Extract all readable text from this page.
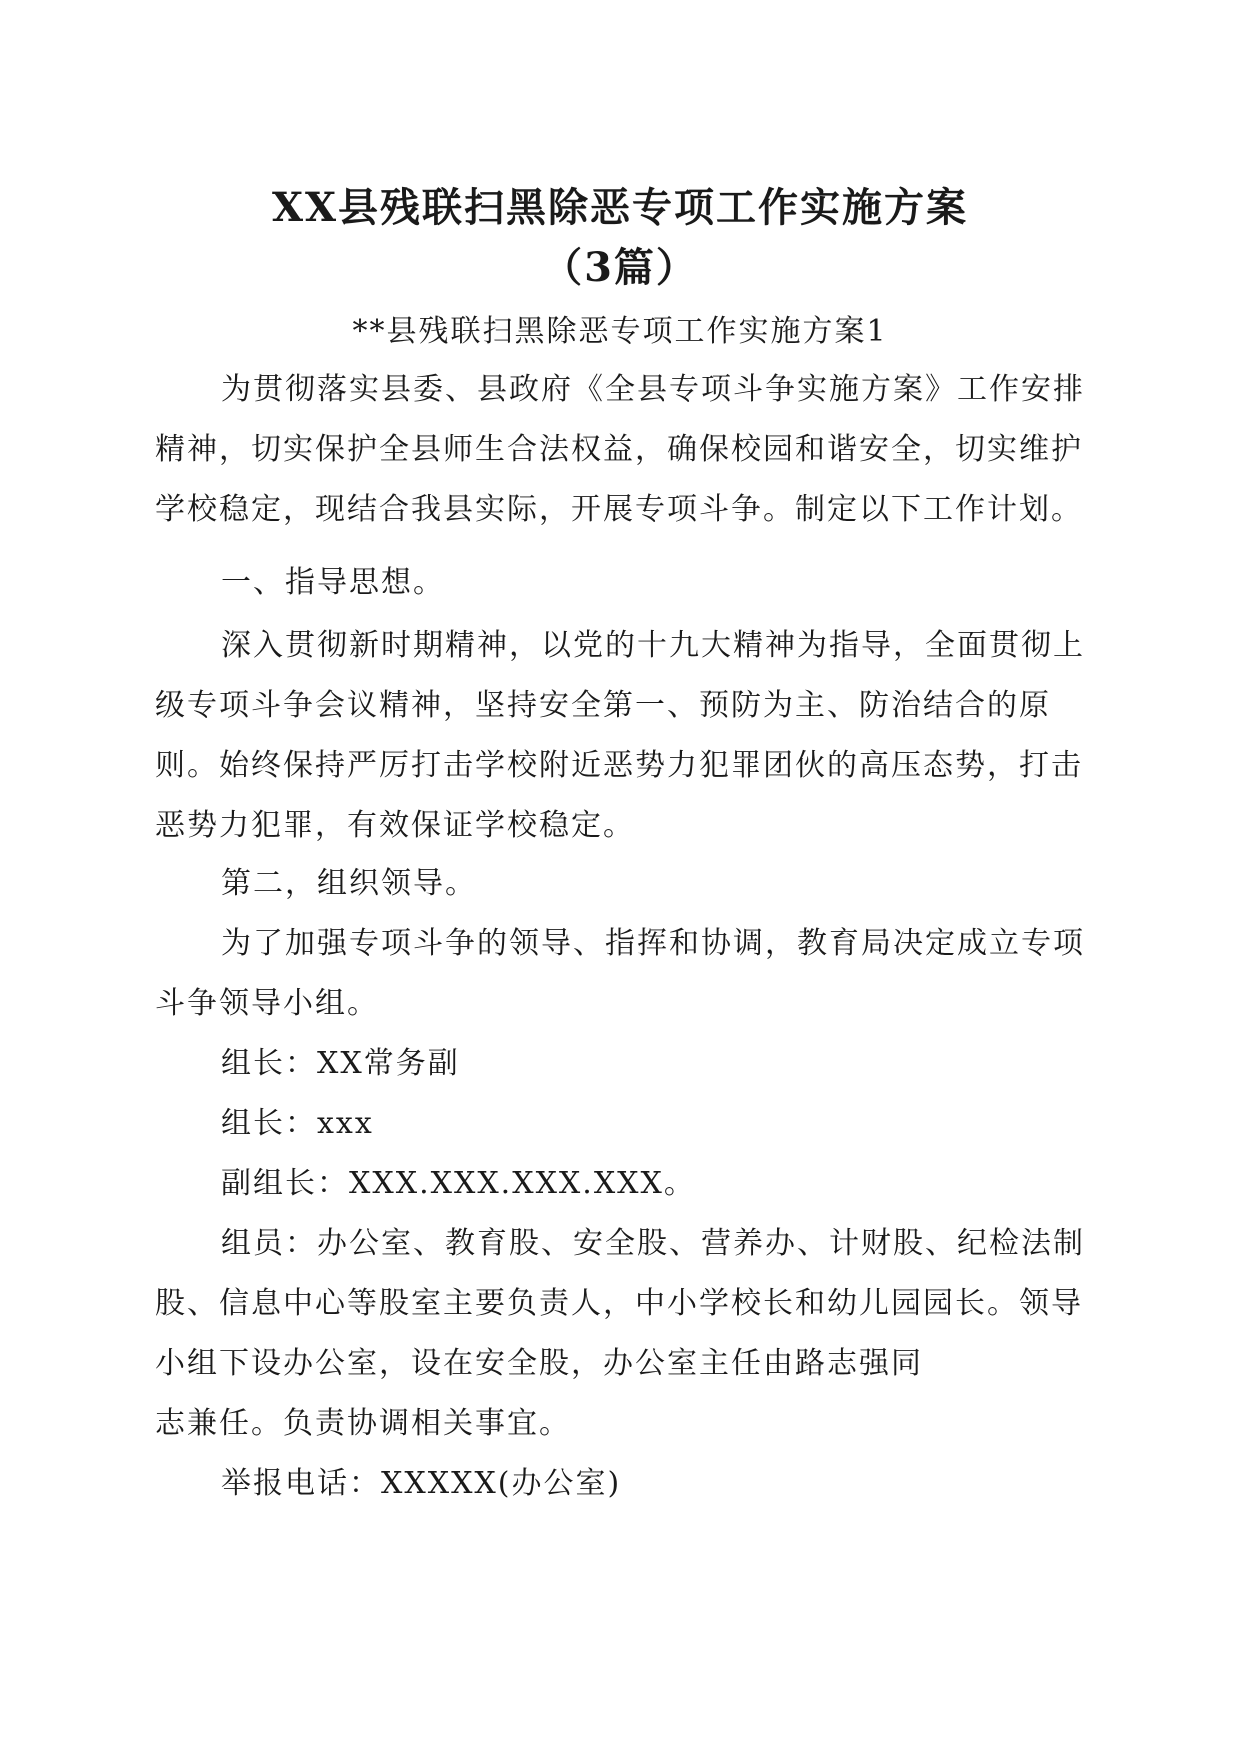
XX县残联扫黑除恶专项工作实施方案
（3篇）
**县残联扫黑除恶专项工作实施方案1
为贯彻落实县委、县政府《全县专项斗争实施方案》工作安排
精神，切实保护全县师生合法权益，确保校园和谐安全，切实维护
学校稳定，现结合我县实际，开展专项斗争。制定以下工作计划。
一、指导思想。
深入贯彻新时期精神，以党的十九大精神为指导，全面贯彻上
级专项斗争会议精神，坚持安全第一、预防为主、防治结合的原
则。始终保持严厉打击学校附近恶势力犯罪团伙的高压态势，打击
恶势力犯罪，有效保证学校稳定。
第二，组织领导。
为了加强专项斗争的领导、指挥和协调，教育局决定成立专项
斗争领导小组。
组长：XX常务副
组长：xxx
副组长：XXX.XXX.XXX.XXX。
组员：办公室、教育股、安全股、营养办、计财股、纪检法制
股、信息中心等股室主要负责人，中小学校长和幼儿园园长。领导
小组下设办公室，设在安全股，办公室主任由路志强同
志兼任。负责协调相关事宜。
举报电话：XXXXX(办公室)
